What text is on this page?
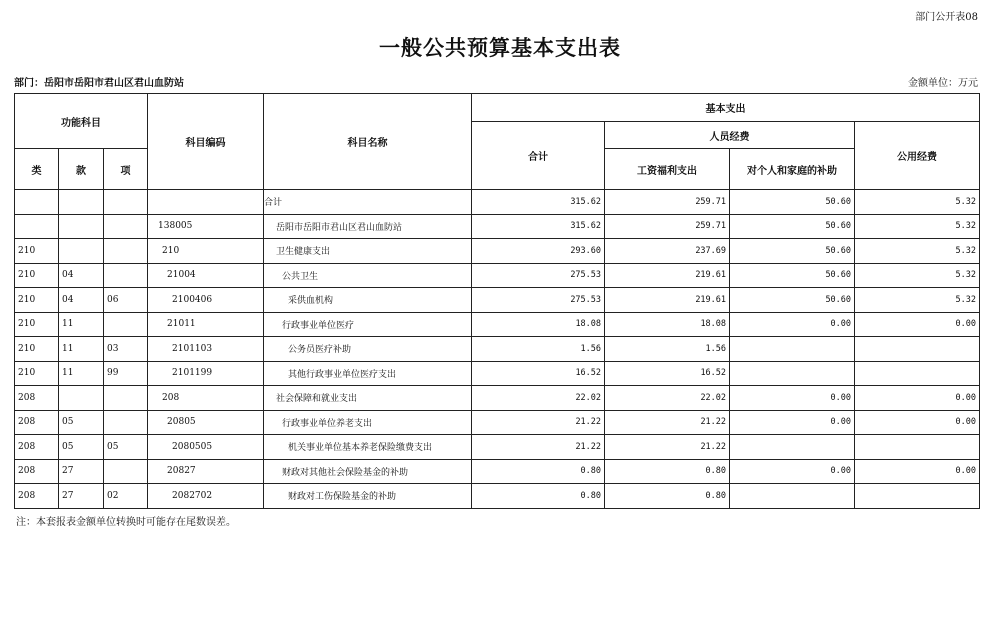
部门公开表08
一般公共预算基本支出表
部门：岳阳市岳阳市君山区君山血防站	金额单位：万元
功能科目			科目编码	科目名称	基本支出			
					合计	人员经费		公用经费
类	款	项				工资福利支出	对个人和家庭的补助	
				合计	315.62	259.71	50.60	5.32
			138005	岳阳市岳阳市君山区君山血防站	315.62	259.71	50.60	5.32
210			210	卫生健康支出	293.60	237.69	50.60	5.32
210	04		21004	公共卫生	275.53	219.61	50.60	5.32
210	04	06	2100406	采供血机构	275.53	219.61	50.60	5.32
210	11		21011	行政事业单位医疗	18.08	18.08	0.00	0.00
210	11	03	2101103	公务员医疗补助	1.56	1.56		
210	11	99	2101199	其他行政事业单位医疗支出	16.52	16.52		
208			208	社会保障和就业支出	22.02	22.02	0.00	0.00
208	05		20805	行政事业单位养老支出	21.22	21.22	0.00	0.00
208	05	05	2080505	机关事业单位基本养老保险缴费支出	21.22	21.22		
208	27		20827	财政对其他社会保险基金的补助	0.80	0.80	0.00	0.00
208	27	02	2082702	财政对工伤保险基金的补助	0.80	0.80		
注：本套报表金额单位转换时可能存在尾数误差。
